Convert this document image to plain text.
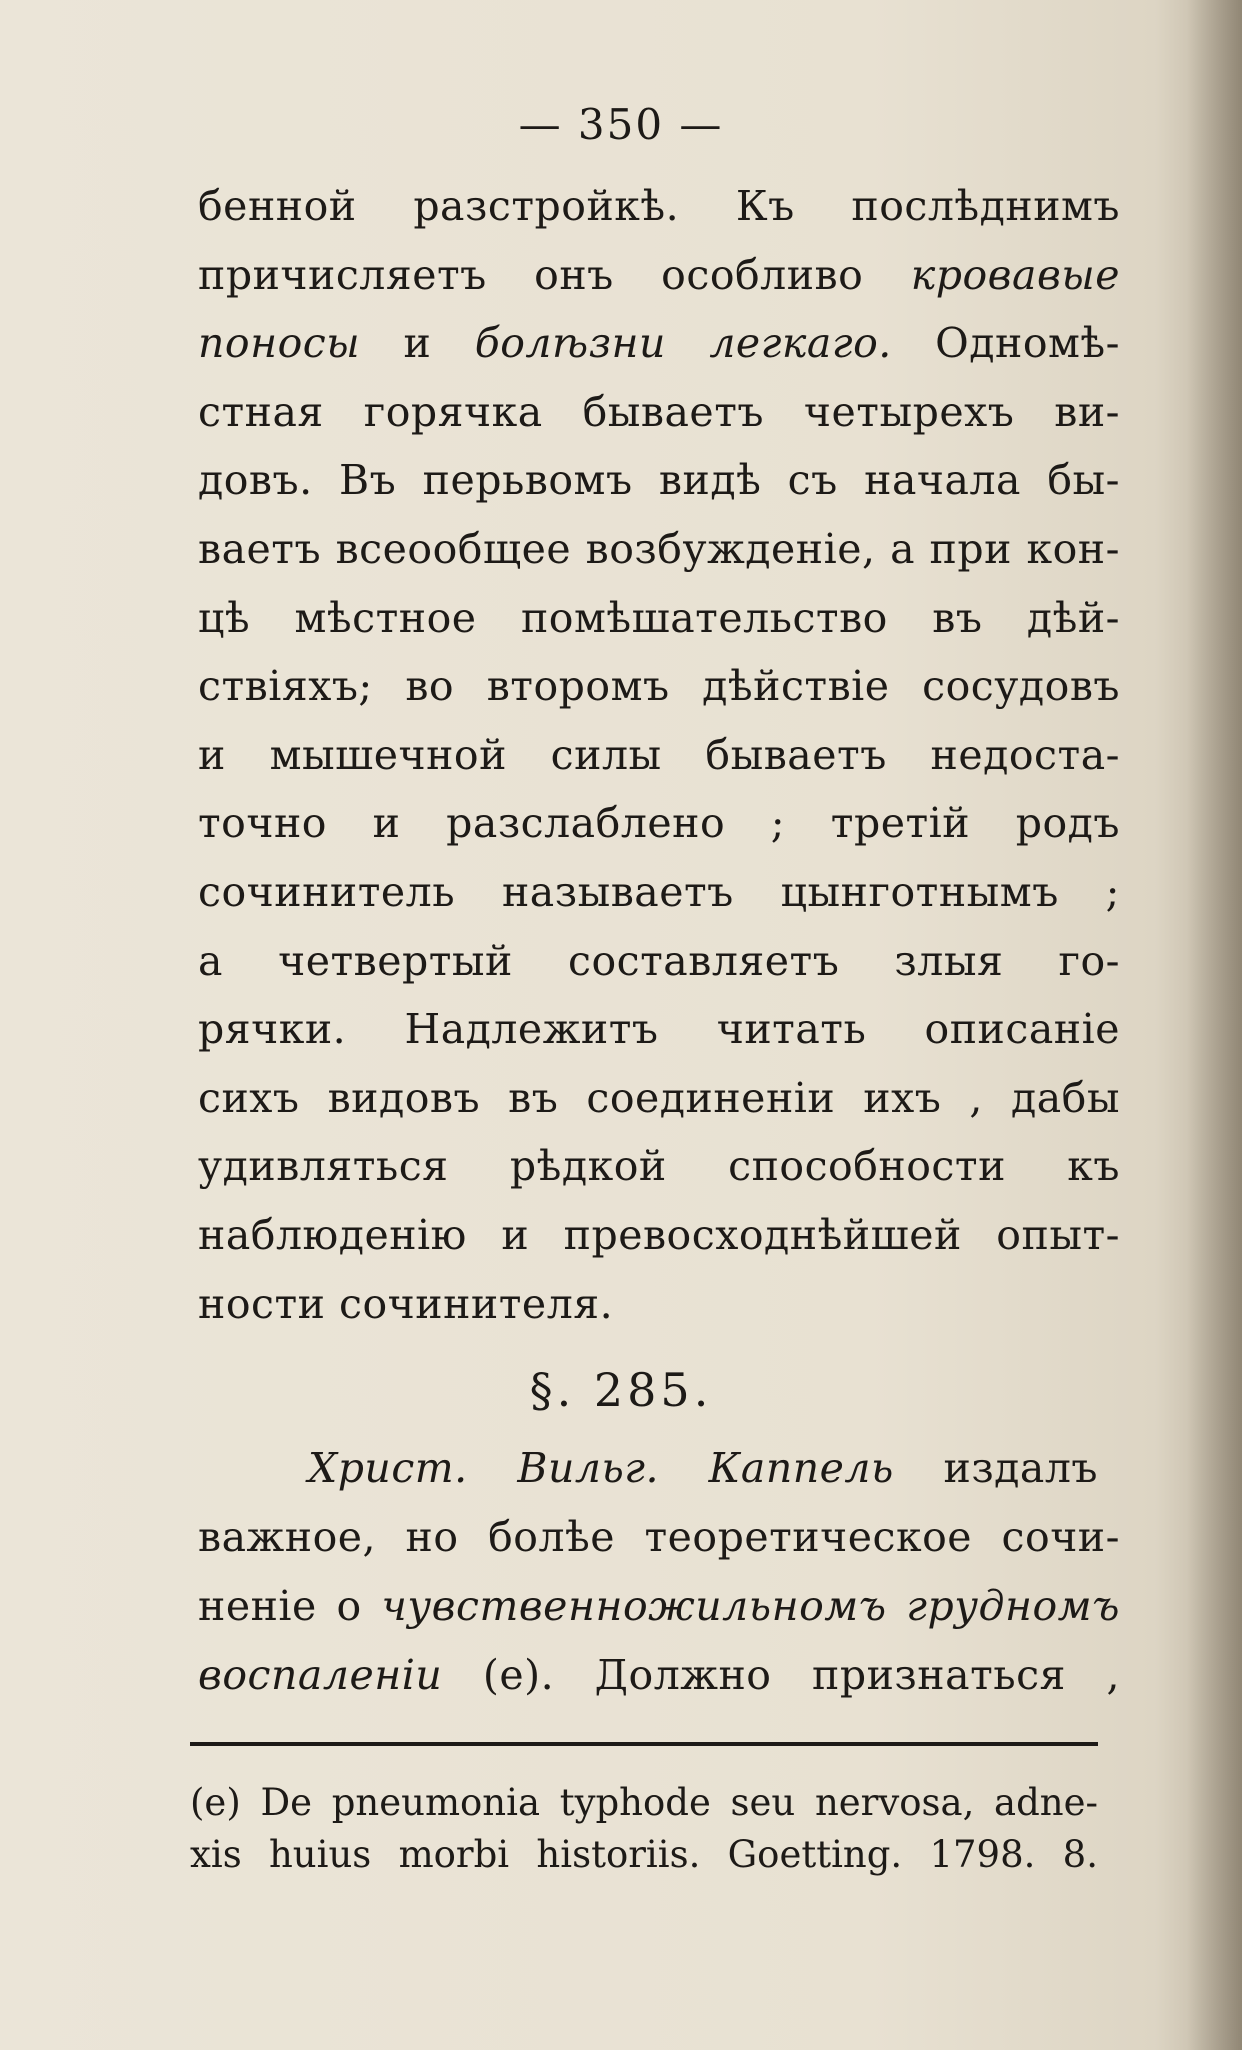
— 350 —
бенной разстройкѣ. Къ послѣднимъ
причисляетъ онъ особливо кровавые
поносы и болѣзни легкаго. Одномѣ-
стная горячка бываетъ четырехъ ви-
довъ. Въ перьвомъ видѣ съ начала бы-
ваетъ всеообщее возбужденіе, а при кон-
цѣ мѣстное помѣшательство въ дѣй-
ствіяхъ; во второмъ дѣйствіе сосудовъ
и мышечной силы бываетъ недоста-
точно и разслаблено ; третій родъ
сочинитель называетъ цынготнымъ ;
а четвертый составляетъ злыя го-
рячки. Надлежитъ читать описаніе
сихъ видовъ въ соединеніи ихъ , дабы
удивляться рѣдкой способности къ
наблюденію и превосходнѣйшей опыт-
ности сочинителя.
§. 285.
Христ. Вильг. Каппель издалъ
важное, но болѣе теоретическое сочи-
неніе о чувственножильномъ грудномъ
воспаленіи (е). Должно признаться ,
(e) De pneumonia typhode seu nervosa, adne-
xis huius morbi historiis. Goetting. 1798. 8.
